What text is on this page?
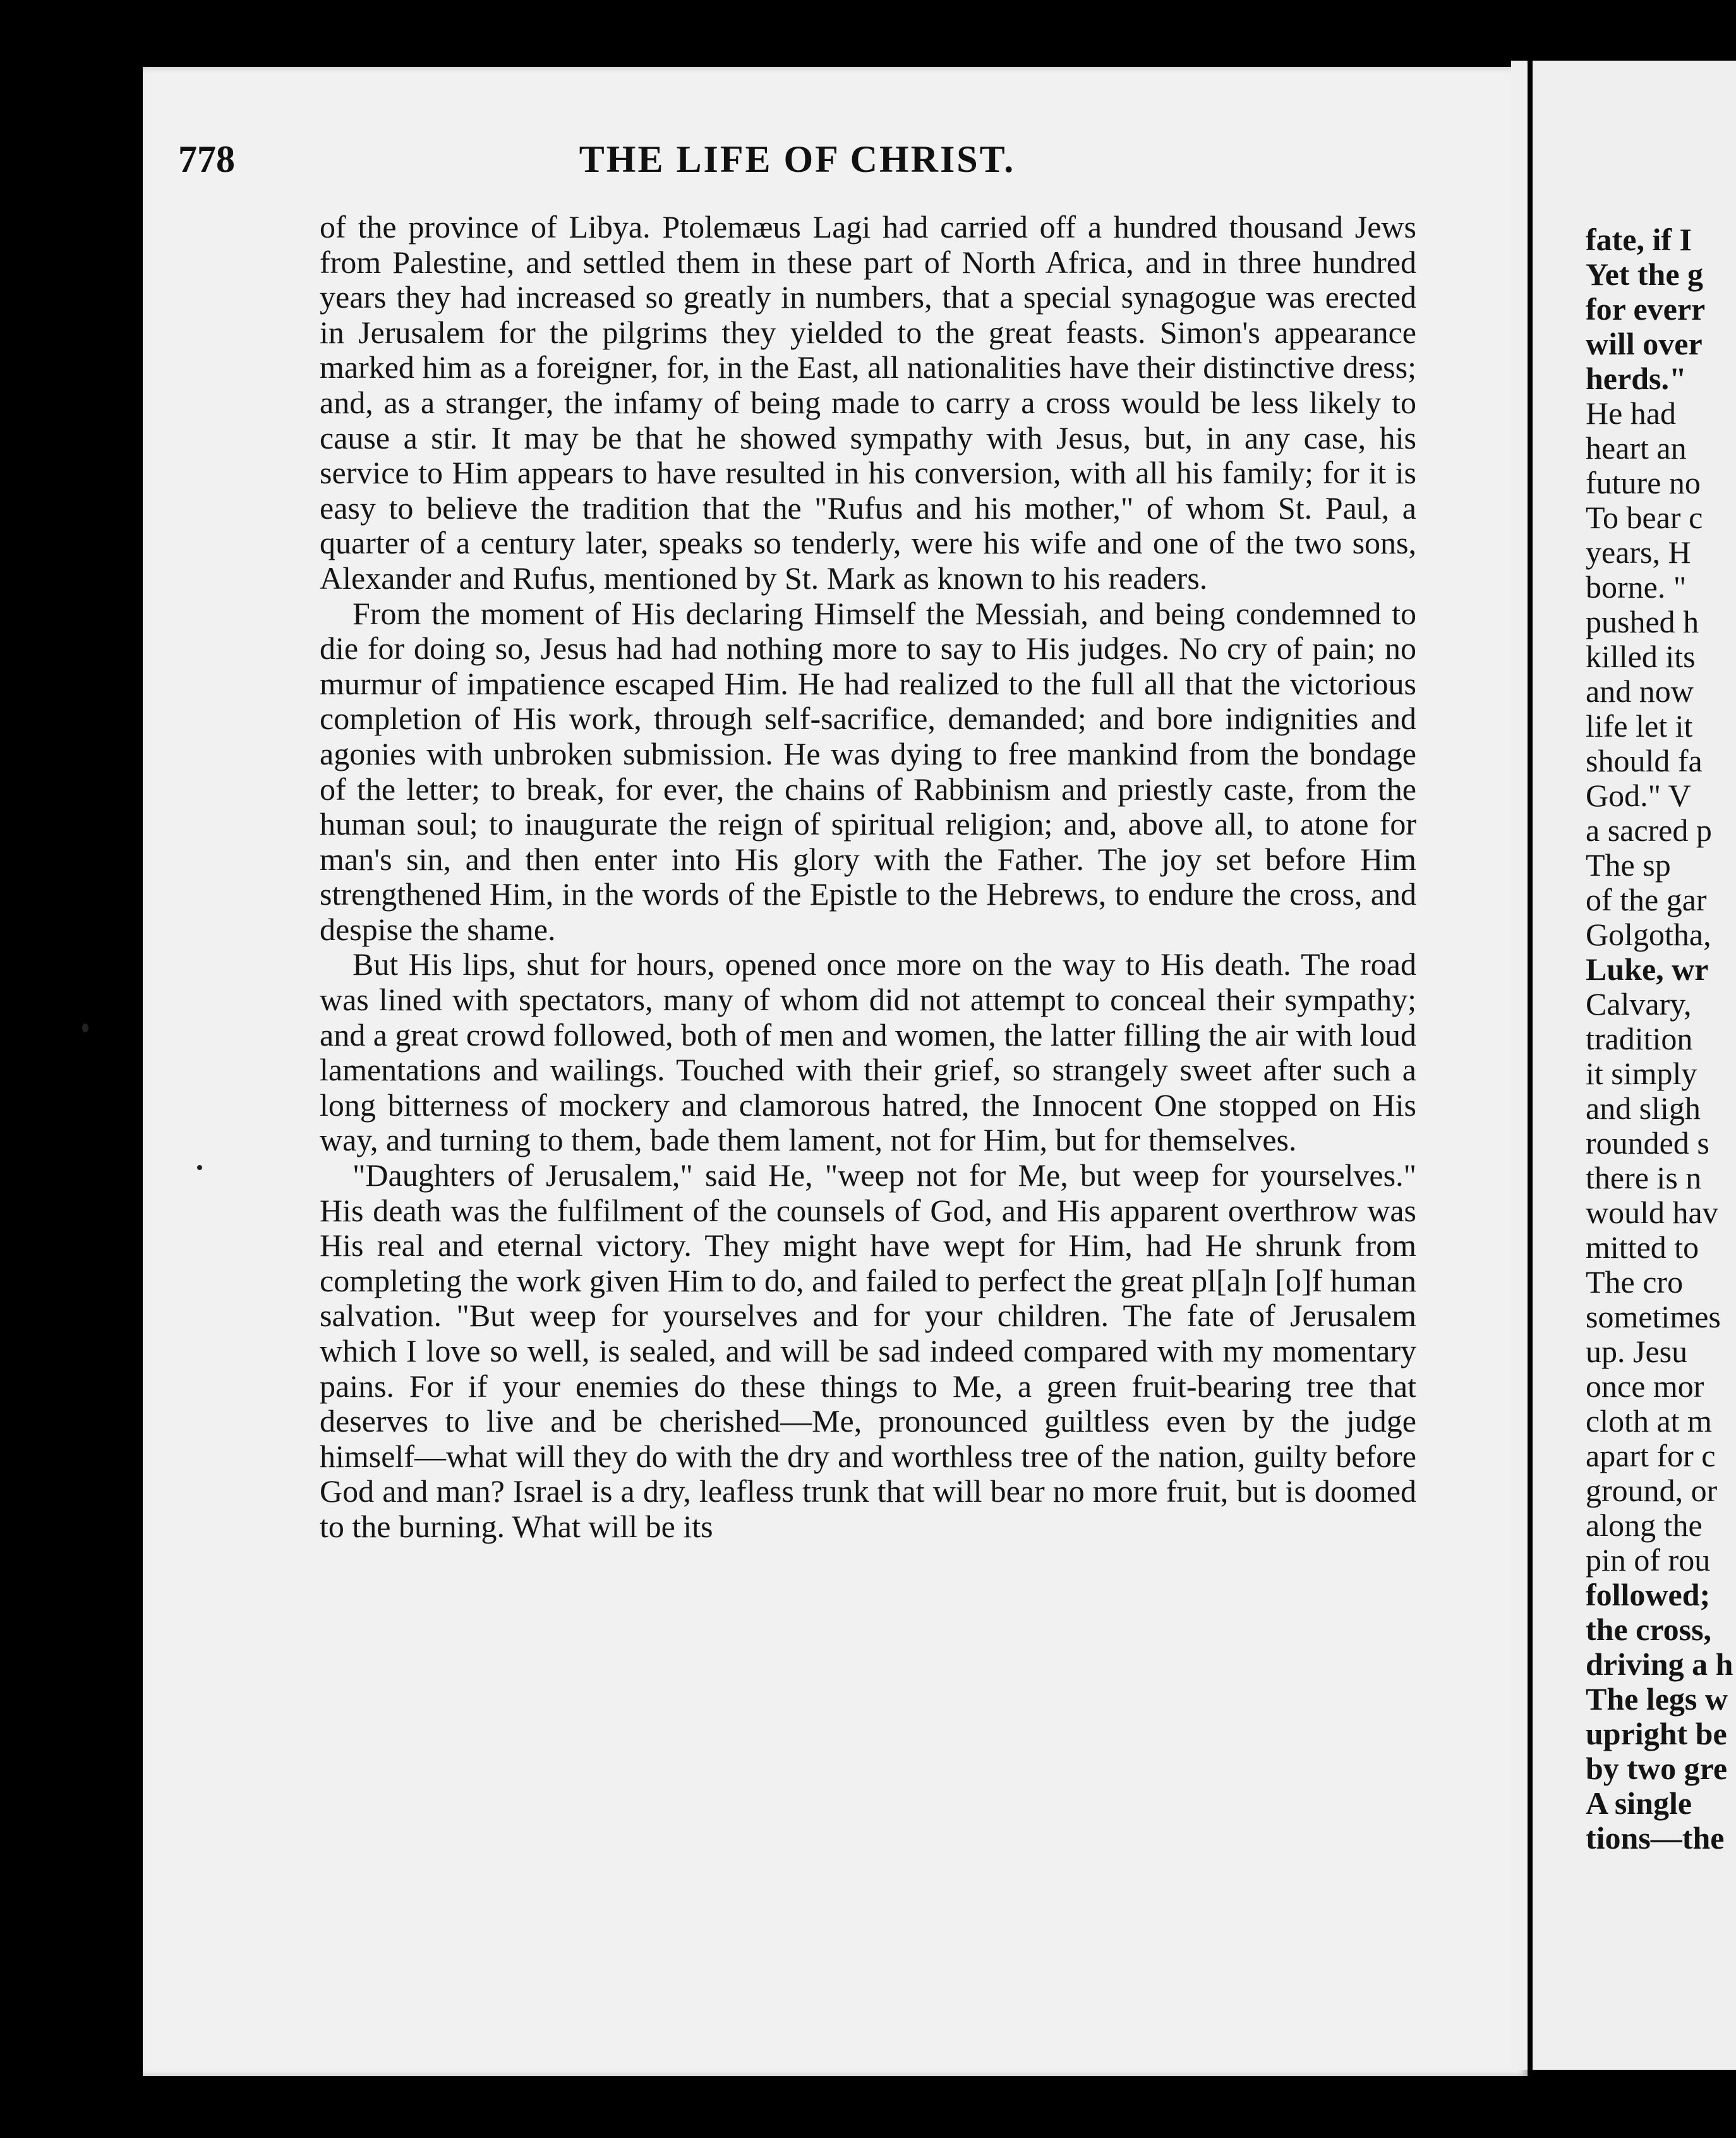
778	THE LIFE OF CHRIST.

of the province of Libya. Ptolemæus Lagi had carried off a hundred thousand Jews from Palestine, and settled them in these part of North Africa, and in three hundred years they had increased so greatly in numbers, that a special synagogue was erected in Jerusalem for the pilgrims they yielded to the great feasts. Simon's appearance marked him as a foreigner, for, in the East, all nationalities have their distinctive dress; and, as a stranger, the infamy of being made to carry a cross would be less likely to cause a stir. It may be that he showed sympathy with Jesus, but, in any case, his service to Him appears to have resulted in his conversion, with all his family; for it is easy to believe the tradition that the "Rufus and his mother," of whom St. Paul, a quarter of a century later, speaks so tenderly, were his wife and one of the two sons, Alexander and Rufus, mentioned by St. Mark as known to his readers.

From the moment of His declaring Himself the Messiah, and being condemned to die for doing so, Jesus had had nothing more to say to His judges. No cry of pain; no murmur of impatience escaped Him. He had realized to the full all that the victorious completion of His work, through self-sacrifice, demanded; and bore indignities and agonies with unbroken submission. He was dying to free mankind from the bondage of the letter; to break, for ever, the chains of Rabbinism and priestly caste, from the human soul; to inaugurate the reign of spiritual religion; and, above all, to atone for man's sin, and then enter into His glory with the Father. The joy set before Him strengthened Him, in the words of the Epistle to the Hebrews, to endure the cross, and despise the shame.

But His lips, shut for hours, opened once more on the way to His death. The road was lined with spectators, many of whom did not attempt to conceal their sympathy; and a great crowd followed, both of men and women, the latter filling the air with loud lamentations and wailings. Touched with their grief, so strangely sweet after such a long bitterness of mockery and clamorous hatred, the Innocent One stopped on His way, and turning to them, bade them lament, not for Him, but for themselves.

"Daughters of Jerusalem," said He, "weep not for Me, but weep for yourselves." His death was the fulfilment of the counsels of God, and His apparent overthrow was His real and eternal victory. They might have wept for Him, had He shrunk from completing the work given Him to do, and failed to perfect the great pl[a]n [o]f human salvation. "But weep for yourselves and for your children. The fate of Jerusalem which I love so well, is sealed, and will be sad indeed compared with my momentary pains. For if your enemies do these things to Me, a green fruit-bearing tree that deserves to live and be cherished—Me, pronounced guiltless even by the judge himself—what will they do with the dry and worthless tree of the nation, guilty before God and man? Israel is a dry, leafless trunk that will bear no more fruit, but is doomed to the burning. What will be its

fate, if I
Yet the g
for everr
will over
herds."
He had
heart an
future no
To bear c
years, H
borne. "
pushed h
killed its
and now
life let it
should fa
God." V
a sacred p
The sp
of the gar
Golgotha,
Luke, wr
Calvary,
tradition
it simply
and sligh
rounded s
there is n
would hav
mitted to
The cro
sometimes
up. Jesu
once mor
cloth at m
apart for c
ground, or
along the
pin of rou
followed;
the cross,
driving a h
The legs w
upright be
by two gre
A single
tions—the
